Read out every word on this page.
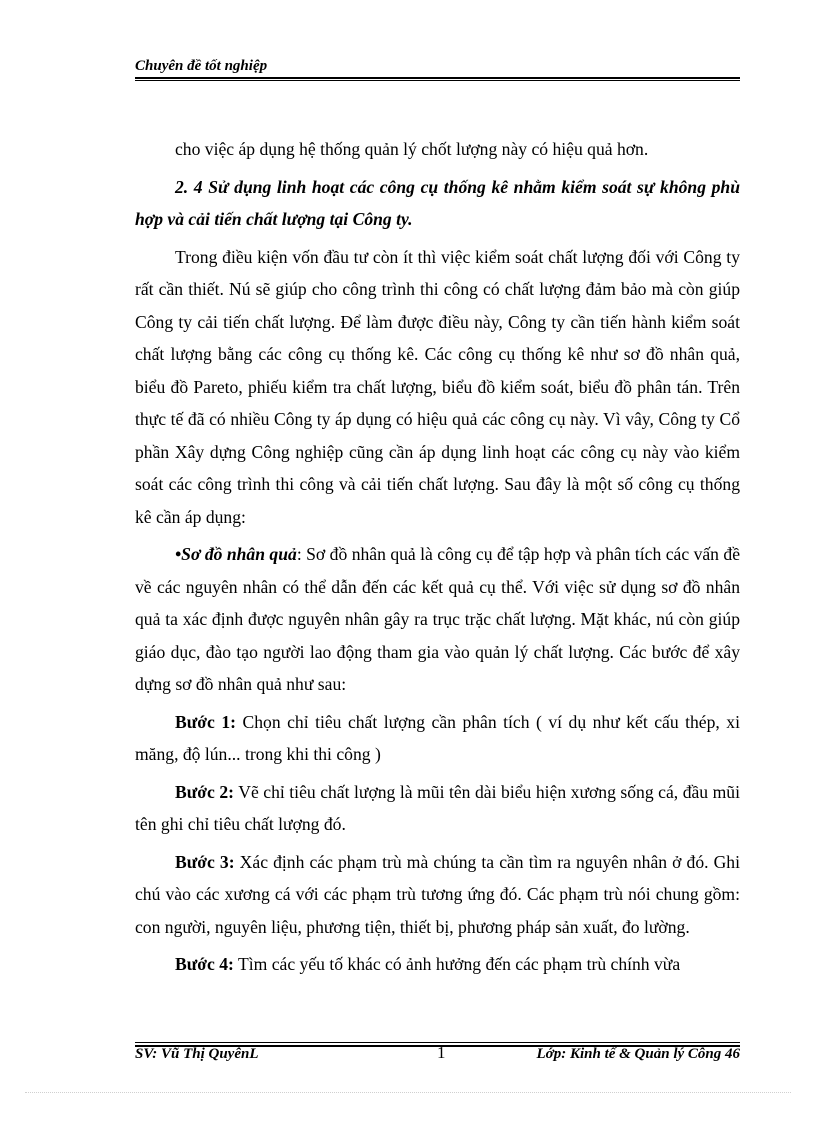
Chuyên đề tốt nghiệp

cho việc áp dụng hệ thống quản lý chốt lượng này có hiệu quả hơn.

2. 4 Sử dụng linh hoạt các công cụ thống kê nhằm kiểm soát sự không phù hợp và cải tiến chất lượng tại Công ty.

Trong điều kiện vốn đầu tư còn ít thì việc kiểm soát chất lượng đối với Công ty rất cần thiết. Nú sẽ giúp cho công trình thi công có chất lượng đảm bảo mà còn giúp Công ty cải tiến chất lượng. Để làm được điều này, Công ty cần tiến hành kiểm soát chất lượng bằng các công cụ thống kê. Các công cụ thống kê như sơ đồ nhân quả, biểu đồ Pareto, phiếu kiểm tra chất lượng, biểu đồ kiểm soát, biểu đồ phân tán. Trên thực tế đã có nhiều Công ty áp dụng có hiệu quả các công cụ này. Vì vây, Công ty Cổ phần Xây dựng Công nghiệp cũng cần áp dụng linh hoạt các công cụ này vào kiểm soát các công trình thi công và cải tiến chất lượng. Sau đây là một số công cụ thống kê cần áp dụng:

•Sơ đồ nhân quả: Sơ đồ nhân quả là công cụ để tập hợp và phân tích các vấn đề về các nguyên nhân có thể dẫn đến các kết quả cụ thể. Với việc sử dụng sơ đồ nhân quả ta xác định được nguyên nhân gây ra trục trặc chất lượng. Mặt khác, nú còn giúp giáo dục, đào tạo người lao động tham gia vào quản lý chất lượng. Các bước để xây dựng sơ đồ nhân quả như sau:

Bước 1: Chọn chỉ tiêu chất lượng cần phân tích ( ví dụ như kết cấu thép, xi măng, độ lún... trong khi thi công )

Bước 2: Vẽ chỉ tiêu chất lượng là mũi tên dài biểu hiện xương sống cá, đầu mũi tên ghi chỉ tiêu chất lượng đó.

Bước 3: Xác định các phạm trù mà chúng ta cần tìm ra nguyên nhân ở đó. Ghi chú vào các xương cá với các phạm trù tương ứng đó. Các phạm trù nói chung gồm: con người, nguyên liệu, phương tiện, thiết bị, phương pháp sản xuất, đo lường.

Bước 4: Tìm các yếu tố khác có ảnh hưởng đến các phạm trù chính vừa

SV: Vũ Thị QuyênL	1	Lớp: Kinh tế & Quản lý Công 46
